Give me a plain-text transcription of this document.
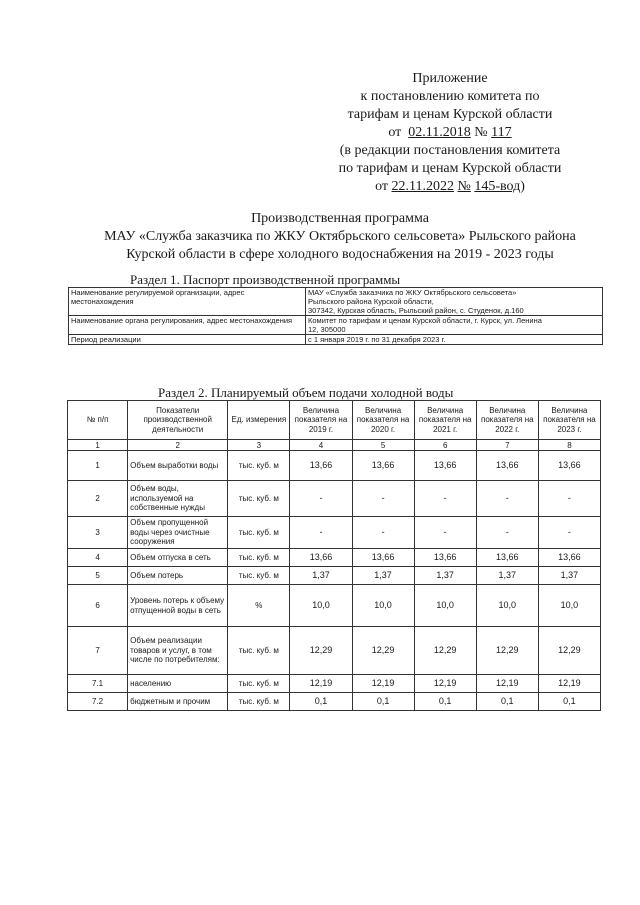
Приложение
к постановлению комитета по
тарифам и ценам Курской области
от 02.11.2018 № 117
(в редакции постановления комитета
по тарифам и ценам Курской области
от 22.11.2022 № 145-вод)
Производственная программа
МАУ «Служба заказчика по ЖКУ Октябрьского сельсовета» Рыльского района
Курской области в сфере холодного водоснабжения на 2019 - 2023 годы
Раздел 1. Паспорт производственной программы
Наименование регулируемой организации, адрес местонахождения	МАУ «Служба заказчика по ЖКУ Октябрьского сельсовета»
Рыльского района Курской области,
307342, Курская область, Рыльский район, с. Студенок, д.160

Наименование органа регулирования, адрес местонахождения	Комитет по тарифам и ценам Курской области, г. Курск, ул. Ленина
12, 305000

Период реализации	с 1 января 2019 г. по 31 декабря 2023 г.
Раздел 2. Планируемый объем подачи холодной воды
№ п/п	Показатели производственной деятельности	Ед. измерения	Величина показателя на 2019 г.	Величина показателя на 2020 г.	Величина показателя на 2021 г.	Величина показателя на 2022 г.	Величина показателя на 2023 г.
1	2	3	4	5	6	7	8
1	Объем выработки воды	тыс. куб. м	13,66	13,66	13,66	13,66	13,66
2	Объем воды, используемой на собственные нужды	тыс. куб. м	-	-	-	-	-
3	Объем пропущенной воды через очистные сооружения	тыс. куб. м	-	-	-	-	-
4	Объем отпуска в сеть	тыс. куб. м	13,66	13,66	13,66	13,66	13,66
5	Объем потерь	тыс. куб. м	1,37	1,37	1,37	1,37	1,37
6	Уровень потерь к объему отпущенной воды в сеть	%	10,0	10,0	10,0	10,0	10,0
7	Объем реализации товаров и услуг, в том числе по потребителям:	тыс. куб. м	12,29	12,29	12,29	12,29	12,29
7.1	населению	тыс. куб. м	12,19	12,19	12,19	12,19	12,19
7.2	бюджетным и прочим	тыс. куб. м	0,1	0,1	0,1	0,1	0,1
